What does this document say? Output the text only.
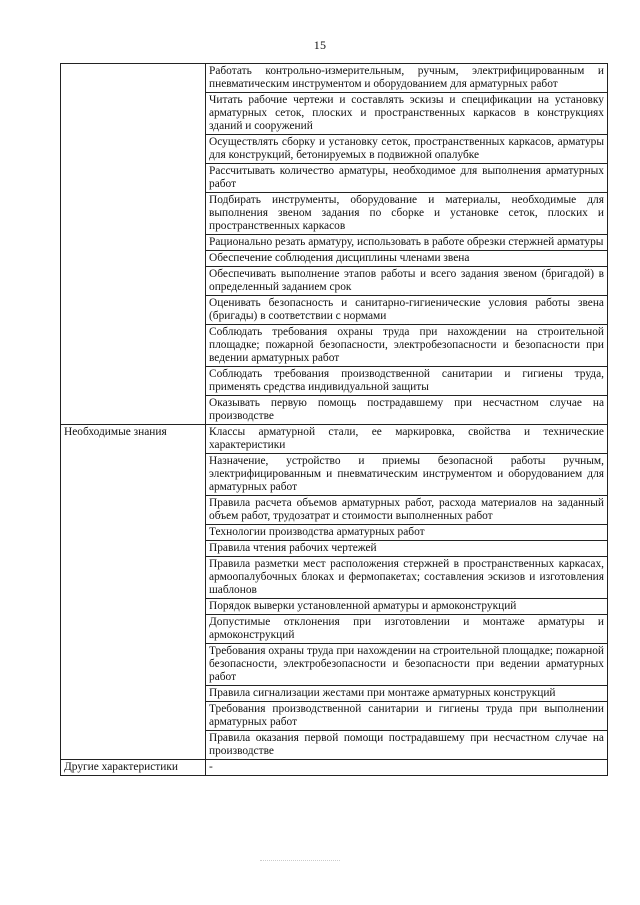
15

	Работать контрольно-измерительным, ручным, электрифицированным и пневматическим инструментом и оборудованием для арматурных работ

	Читать рабочие чертежи и составлять эскизы и спецификации на установку арматурных сеток, плоских и пространственных каркасов в конструкциях зданий и сооружений

	Осуществлять сборку и установку сеток, пространственных каркасов, арматуры для конструкций, бетонируемых в подвижной опалубке

	Рассчитывать количество арматуры, необходимое для выполнения арматурных работ

	Подбирать инструменты, оборудование и материалы, необходимые для выполнения звеном задания по сборке и установке сеток, плоских и пространственных каркасов

	Рационально резать арматуру, использовать в работе обрезки стержней арматуры

	Обеспечение соблюдения дисциплины членами звена

	Обеспечивать выполнение этапов работы и всего задания звеном (бригадой) в определенный заданием срок

	Оценивать безопасность и санитарно-гигиенические условия работы звена (бригады) в соответствии с нормами

	Соблюдать требования охраны труда при нахождении на строительной площадке; пожарной безопасности, электробезопасности и безопасности при ведении арматурных работ

	Соблюдать требования производственной санитарии и гигиены труда, применять средства индивидуальной защиты

	Оказывать первую помощь пострадавшему при несчастном случае на производстве

Необходимые знания	Классы арматурной стали, ее маркировка, свойства и технические характеристики

	Назначение, устройство и приемы безопасной работы ручным, электрифицированным и пневматическим инструментом и оборудованием для арматурных работ

	Правила расчета объемов арматурных работ, расхода материалов на заданный объем работ, трудозатрат и стоимости выполненных работ

	Технологии производства арматурных работ

	Правила чтения рабочих чертежей

	Правила разметки мест расположения стержней в пространственных каркасах, армоопалубочных блоках и фермопакетах; составления эскизов и изготовления шаблонов

	Порядок выверки установленной арматуры и армоконструкций

	Допустимые отклонения при изготовлении и монтаже арматуры и армоконструкций

	Требования охраны труда при нахождении на строительной площадке; пожарной безопасности, электробезопасности и безопасности при ведении арматурных работ

	Правила сигнализации жестами при монтаже арматурных конструкций

	Требования производственной санитарии и гигиены труда при выполнении арматурных работ

	Правила оказания первой помощи пострадавшему при несчастном случае на производстве

Другие характеристики	-
